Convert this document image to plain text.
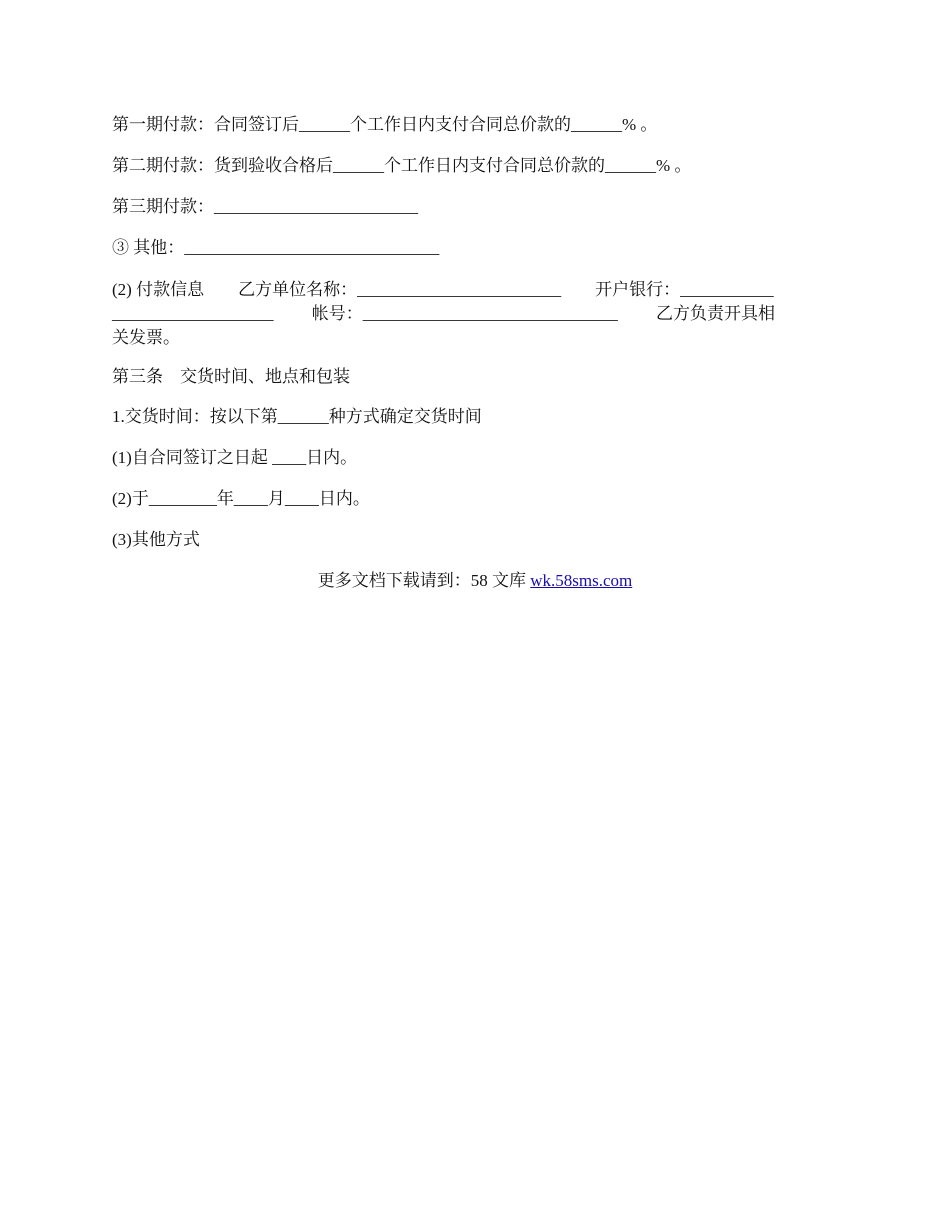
第一期付款：合同签订后______个工作日内支付合同总价款的______% 。
第二期付款：货到验收合格后______个工作日内支付合同总价款的______% 。
第三期付款：________________________
③ 其他：______________________________
(2) 付款信息        乙方单位名称：________________________        开户银行：___________
___________________         帐号：______________________________         乙方负责开具相
关发票。
第三条    交货时间、地点和包装
1.交货时间：按以下第______种方式确定交货时间
(1)自合同签订之日起 ____日内。
(2)于________年____月____日内。
(3)其他方式
更多文档下载请到：58 文库 wk.58sms.com
